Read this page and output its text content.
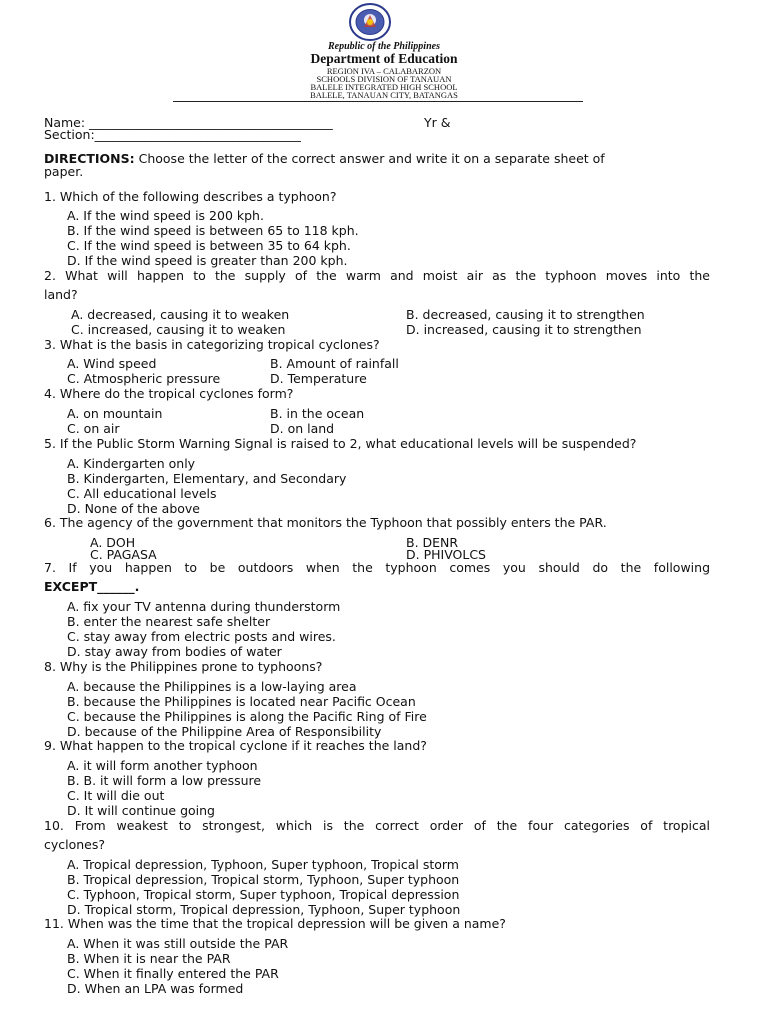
Republic of the Philippines
Department of Education
REGION IVA – CALABARZON
SCHOOLS DIVISION OF TANAUAN
BALELE INTEGRATED HIGH SCHOOL
BALELE, TANAUAN CITY, BATANGAS
Name: _______________________________________	Yr &
Section:_________________________________
DIRECTIONS: Choose the letter of the correct answer and write it on a separate sheet of
paper.
1. Which of the following describes a typhoon?
A. If the wind speed is 200 kph.
B. If the wind speed is between 65 to 118 kph.
C. If the wind speed is between 35 to 64 kph.
D. If the wind speed is greater than 200 kph.
2. What will happen to the supply of the warm and moist air as the typhoon moves into the
land?
A. decreased, causing it to weaken	B. decreased, causing it to strengthen
C. increased, causing it to weaken	D. increased, causing it to strengthen
3. What is the basis in categorizing tropical cyclones?
A. Wind speed	B. Amount of rainfall
C. Atmospheric pressure	D. Temperature
4. Where do the tropical cyclones form?
A. on mountain	B. in the ocean
C. on air	D. on land
5. If the Public Storm Warning Signal is raised to 2, what educational levels will be suspended?
A. Kindergarten only
B. Kindergarten, Elementary, and Secondary
C. All educational levels
D. None of the above
6. The agency of the government that monitors the Typhoon that possibly enters the PAR.
A. DOH	B. DENR
C. PAGASA	D. PHIVOLCS
7. If you happen to be outdoors when the typhoon comes you should do the following
EXCEPT______.
A. fix your TV antenna during thunderstorm
B. enter the nearest safe shelter
C. stay away from electric posts and wires.
D. stay away from bodies of water
8. Why is the Philippines prone to typhoons?
A. because the Philippines is a low-laying area
B. because the Philippines is located near Pacific Ocean
C. because the Philippines is along the Pacific Ring of Fire
D. because of the Philippine Area of Responsibility
9. What happen to the tropical cyclone if it reaches the land?
A. it will form another typhoon
B. B. it will form a low pressure
C. It will die out
D. It will continue going
10. From weakest to strongest, which is the correct order of the four categories of tropical
cyclones?
A. Tropical depression, Typhoon, Super typhoon, Tropical storm
B. Tropical depression, Tropical storm, Typhoon, Super typhoon
C. Typhoon, Tropical storm, Super typhoon, Tropical depression
D. Tropical storm, Tropical depression, Typhoon, Super typhoon
11. When was the time that the tropical depression will be given a name?
A. When it was still outside the PAR
B. When it is near the PAR
C. When it finally entered the PAR
D. When an LPA was formed
